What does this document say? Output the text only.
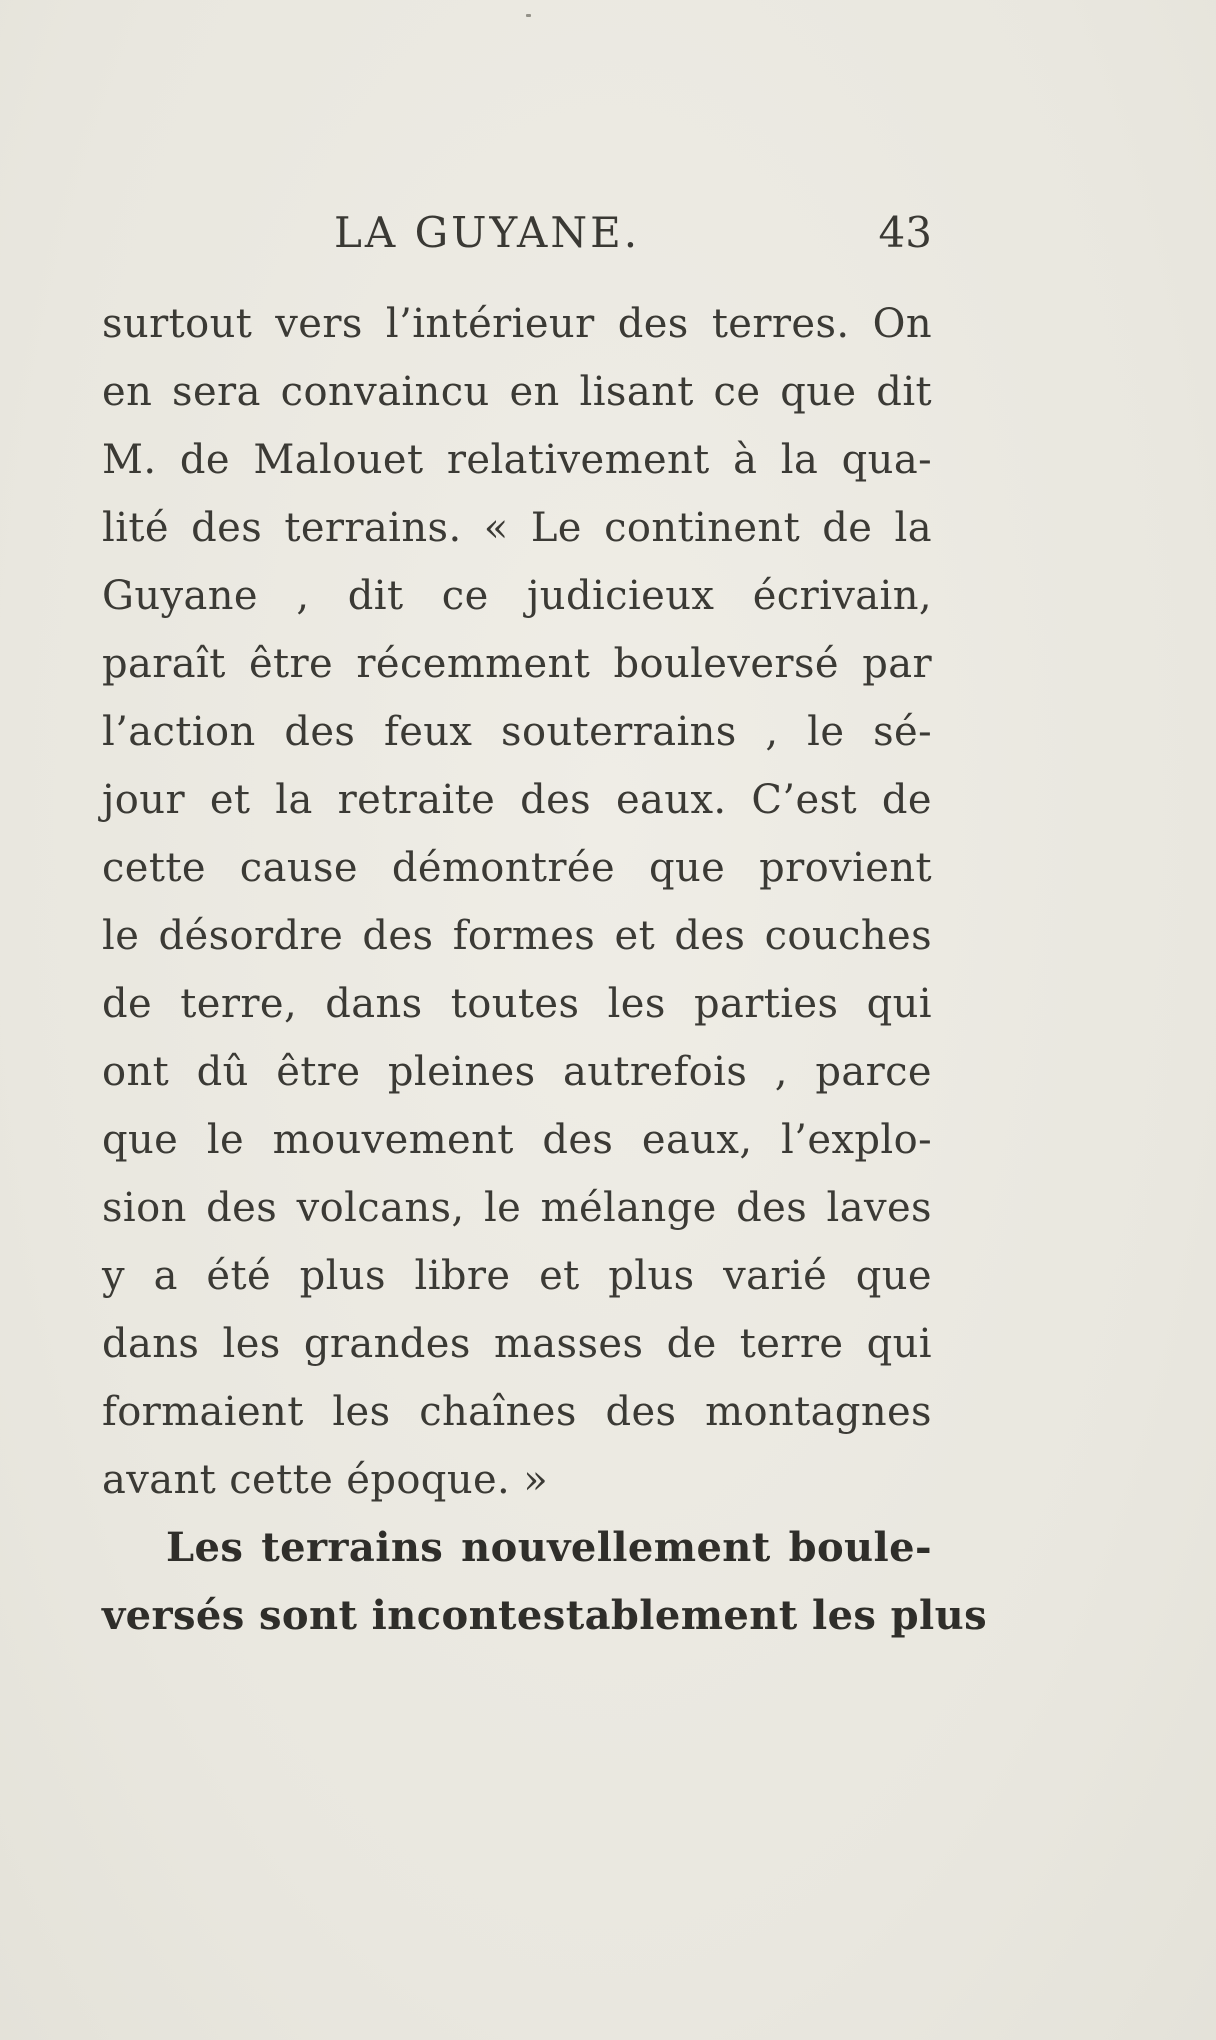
LA GUYANE.	43
surtout vers l’intérieur des terres. On
en sera convaincu en lisant ce que dit
M. de Malouet relativement à la qua-
lité des terrains. « Le continent de la
Guyane , dit ce judicieux écrivain,
paraît être récemment bouleversé par
l’action des feux souterrains , le sé-
jour et la retraite des eaux. C’est de
cette cause démontrée que provient
le désordre des formes et des couches
de terre, dans toutes les parties qui
ont dû être pleines autrefois , parce
que le mouvement des eaux, l’explo-
sion des volcans, le mélange des laves
y a été plus libre et plus varié que
dans les grandes masses de terre qui
formaient les chaînes des montagnes
avant cette époque. »
Les terrains nouvellement boule-
versés sont incontestablement les plus
